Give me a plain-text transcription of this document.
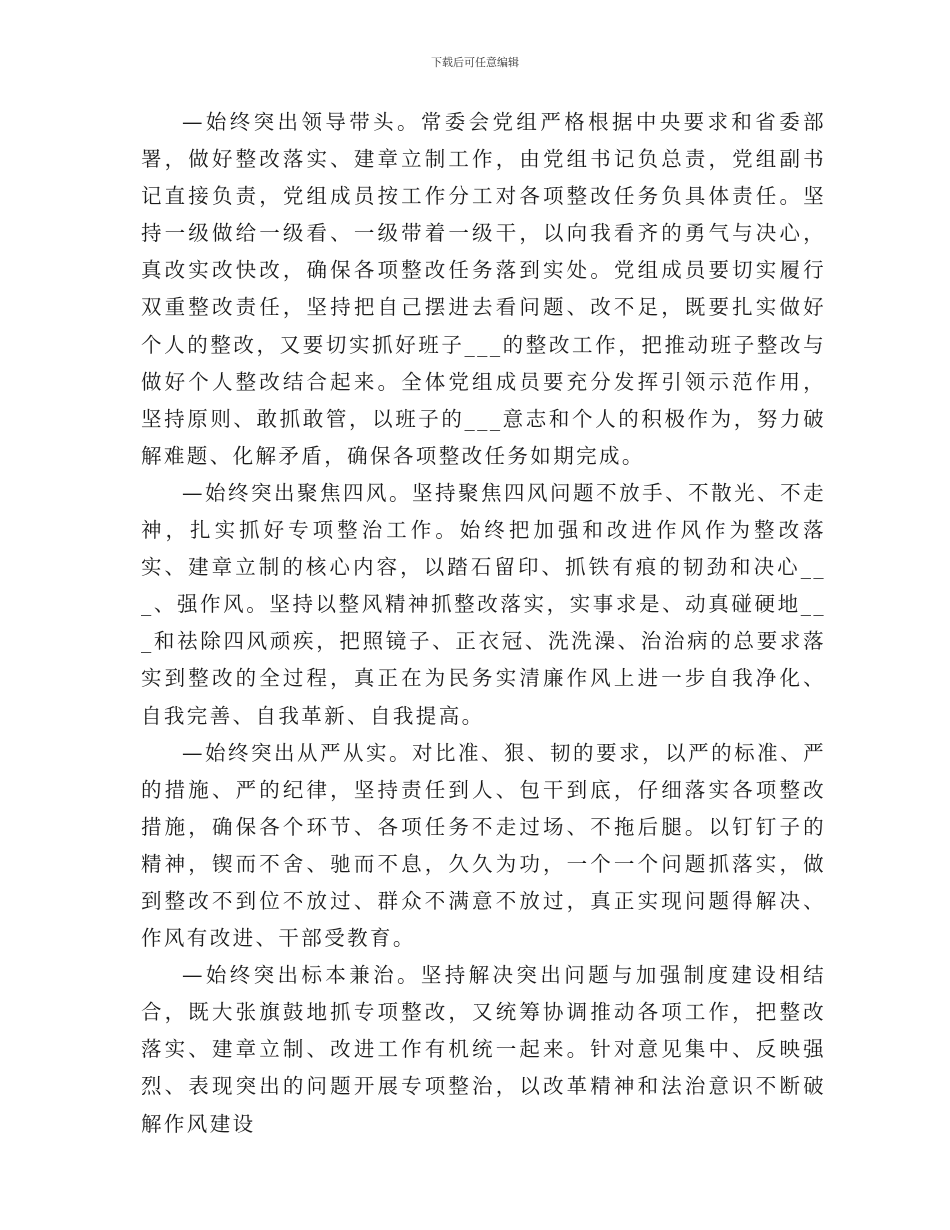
下载后可任意编辑

—始终突出领导带头。常委会党组严格根据中央要求和省委部署，做好整改落实、建章立制工作，由党组书记负总责，党组副书记直接负责，党组成员按工作分工对各项整改任务负具体责任。坚持一级做给一级看、一级带着一级干，以向我看齐的勇气与决心，真改实改快改，确保各项整改任务落到实处。党组成员要切实履行双重整改责任，坚持把自己摆进去看问题、改不足，既要扎实做好个人的整改，又要切实抓好班子___的整改工作，把推动班子整改与做好个人整改结合起来。全体党组成员要充分发挥引领示范作用，坚持原则、敢抓敢管，以班子的___意志和个人的积极作为，努力破解难题、化解矛盾，确保各项整改任务如期完成。

—始终突出聚焦四风。坚持聚焦四风问题不放手、不散光、不走神，扎实抓好专项整治工作。始终把加强和改进作风作为整改落实、建章立制的核心内容，以踏石留印、抓铁有痕的韧劲和决心___、强作风。坚持以整风精神抓整改落实，实事求是、动真碰硬地___和祛除四风顽疾，把照镜子、正衣冠、洗洗澡、治治病的总要求落实到整改的全过程，真正在为民务实清廉作风上进一步自我净化、自我完善、自我革新、自我提高。

—始终突出从严从实。对比准、狠、韧的要求，以严的标准、严的措施、严的纪律，坚持责任到人、包干到底，仔细落实各项整改措施，确保各个环节、各项任务不走过场、不拖后腿。以钉钉子的精神，锲而不舍、驰而不息，久久为功，一个一个问题抓落实，做到整改不到位不放过、群众不满意不放过，真正实现问题得解决、作风有改进、干部受教育。

—始终突出标本兼治。坚持解决突出问题与加强制度建设相结合，既大张旗鼓地抓专项整改，又统筹协调推动各项工作，把整改落实、建章立制、改进工作有机统一起来。针对意见集中、反映强烈、表现突出的问题开展专项整治，以改革精神和法治意识不断破解作风建设
